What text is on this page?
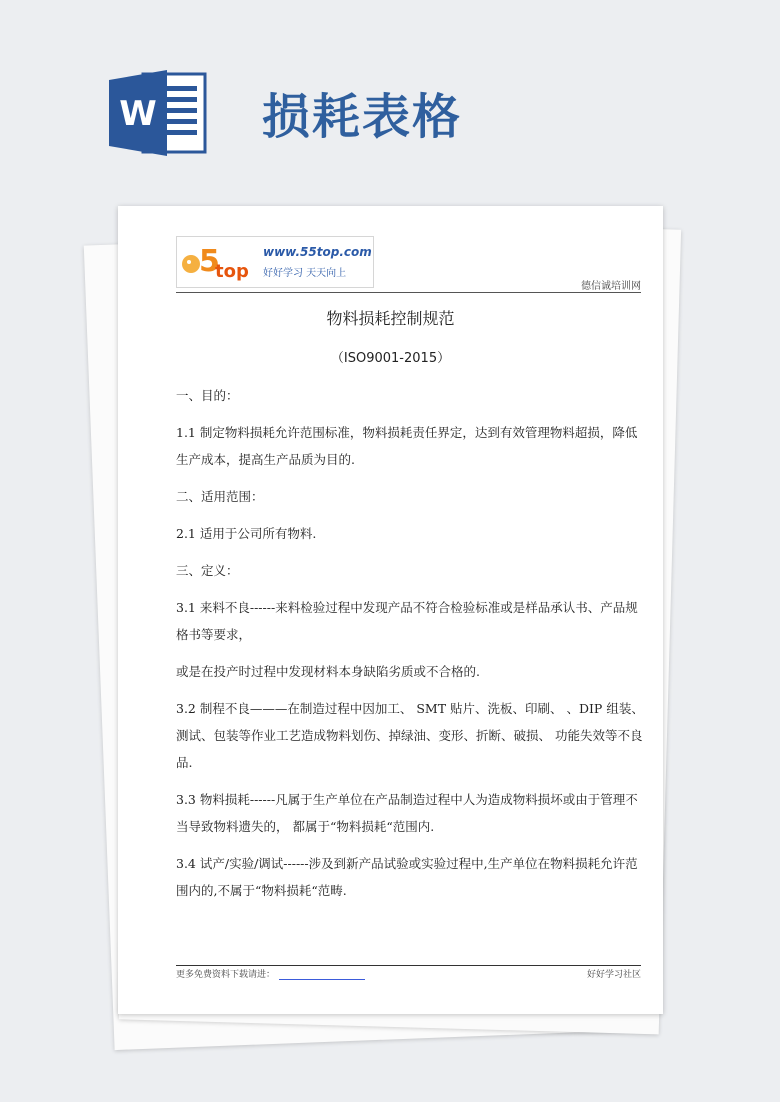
W 损耗表格
5
top
www.55top.com
好好学习 天天向上
德信诚培训网
物料损耗控制规范
（ISO9001-2015）

一、目的：

1.1 制定物料损耗允许范围标准，物料损耗责任界定，达到有效管理物料超损，降低生产成本，提高生产品质为目的.

二、适用范围：

2.1 适用于公司所有物料.

三、定义：

3.1 来料不良------来料检验过程中发现产品不符合检验标准或是样品承认书、产品规格书等要求，

或是在投产时过程中发现材料本身缺陷劣质或不合格的.

3.2 制程不良———在制造过程中因加工、 SMT 贴片、洗板、印刷、 、DIP 组装、测试、包装等作业工艺造成物料划伤、掉绿油、变形、折断、破损、 功能失效等不良品.

3.3 物料损耗------凡属于生产单位在产品制造过程中人为造成物料损坏或由于管理不当导致物料遗失的， 都属于“物料损耗“范围内.

3.4 试产/实验/调试------涉及到新产品试验或实验过程中,生产单位在物料损耗允许范围内的,不属于“物料损耗“范畴.

更多免费资料下载请进：	好好学习社区
